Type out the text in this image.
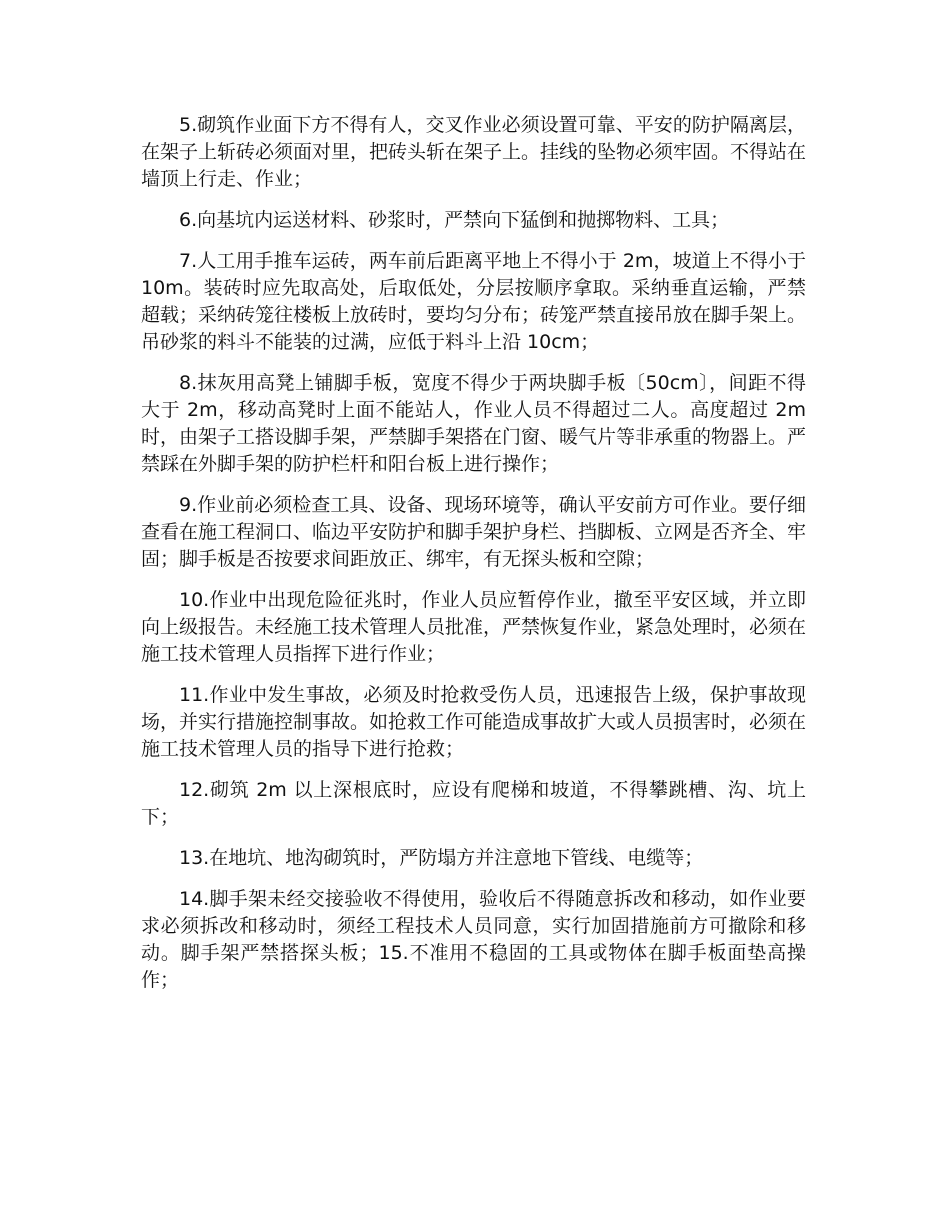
5.砌筑作业面下方不得有人，交叉作业必须设置可靠、平安的防护隔离层，在架子上斩砖必须面对里，把砖头斩在架子上。挂线的坠物必须牢固。不得站在墙顶上行走、作业；

6.向基坑内运送材料、砂浆时，严禁向下猛倒和抛掷物料、工具；

7.人工用手推车运砖，两车前后距离平地上不得小于 2m，坡道上不得小于 10m。装砖时应先取高处，后取低处，分层按顺序拿取。采纳垂直运输，严禁超载；采纳砖笼往楼板上放砖时，要均匀分布；砖笼严禁直接吊放在脚手架上。吊砂浆的料斗不能装的过满，应低于料斗上沿 10cm；

8.抹灰用高凳上铺脚手板，宽度不得少于两块脚手板〔50cm〕，间距不得大于 2m，移动高凳时上面不能站人，作业人员不得超过二人。高度超过 2m 时，由架子工搭设脚手架，严禁脚手架搭在门窗、暖气片等非承重的物器上。严禁踩在外脚手架的防护栏杆和阳台板上进行操作；

9.作业前必须检查工具、设备、现场环境等，确认平安前方可作业。要仔细查看在施工程洞口、临边平安防护和脚手架护身栏、挡脚板、立网是否齐全、牢固；脚手板是否按要求间距放正、绑牢，有无探头板和空隙；

10.作业中出现危险征兆时，作业人员应暂停作业，撤至平安区域，并立即向上级报告。未经施工技术管理人员批准，严禁恢复作业，紧急处理时，必须在施工技术管理人员指挥下进行作业；

11.作业中发生事故，必须及时抢救受伤人员，迅速报告上级，保护事故现场，并实行措施控制事故。如抢救工作可能造成事故扩大或人员损害时，必须在施工技术管理人员的指导下进行抢救；

12.砌筑 2m 以上深根底时，应设有爬梯和坡道，不得攀跳槽、沟、坑上下；

13.在地坑、地沟砌筑时，严防塌方并注意地下管线、电缆等；

14.脚手架未经交接验收不得使用，验收后不得随意拆改和移动，如作业要求必须拆改和移动时，须经工程技术人员同意，实行加固措施前方可撤除和移动。脚手架严禁搭探头板；15.不准用不稳固的工具或物体在脚手板面垫高操作；
